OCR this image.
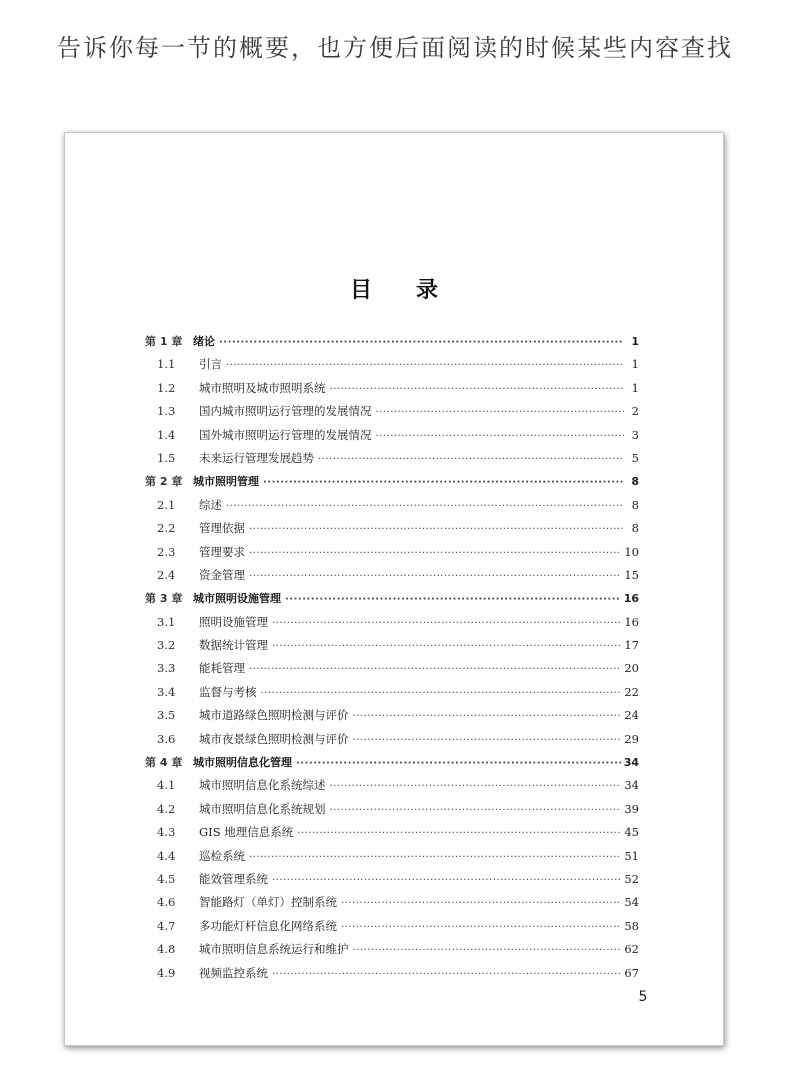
告诉你每一节的概要，也方便后面阅读的时候某些内容查找
目 录
第 1 章 绪论 ·····	1
1.1	引言 ·····	1
1.2	城市照明及城市照明系统 ·····	1
1.3	国内城市照明运行管理的发展情况 ·····	2
1.4	国外城市照明运行管理的发展情况 ·····	3
1.5	未来运行管理发展趋势 ·····	5
第 2 章 城市照明管理 ·····	8
2.1	综述 ·····	8
2.2	管理依据 ·····	8
2.3	管理要求 ·····	10
2.4	资金管理 ·····	15
第 3 章 城市照明设施管理 ·····	16
3.1	照明设施管理 ·····	16
3.2	数据统计管理 ·····	17
3.3	能耗管理 ·····	20
3.4	监督与考核 ·····	22
3.5	城市道路绿色照明检测与评价 ·····	24
3.6	城市夜景绿色照明检测与评价 ·····	29
第 4 章 城市照明信息化管理 ·····	34
4.1	城市照明信息化系统综述 ·····	34
4.2	城市照明信息化系统规划 ·····	39
4.3	GIS 地理信息系统 ·····	45
4.4	巡检系统 ·····	51
4.5	能效管理系统 ·····	52
4.6	智能路灯（单灯）控制系统 ·····	54
4.7	多功能灯杆信息化网络系统 ·····	58
4.8	城市照明信息系统运行和维护 ·····	62
4.9	视频监控系统 ·····	67
5
